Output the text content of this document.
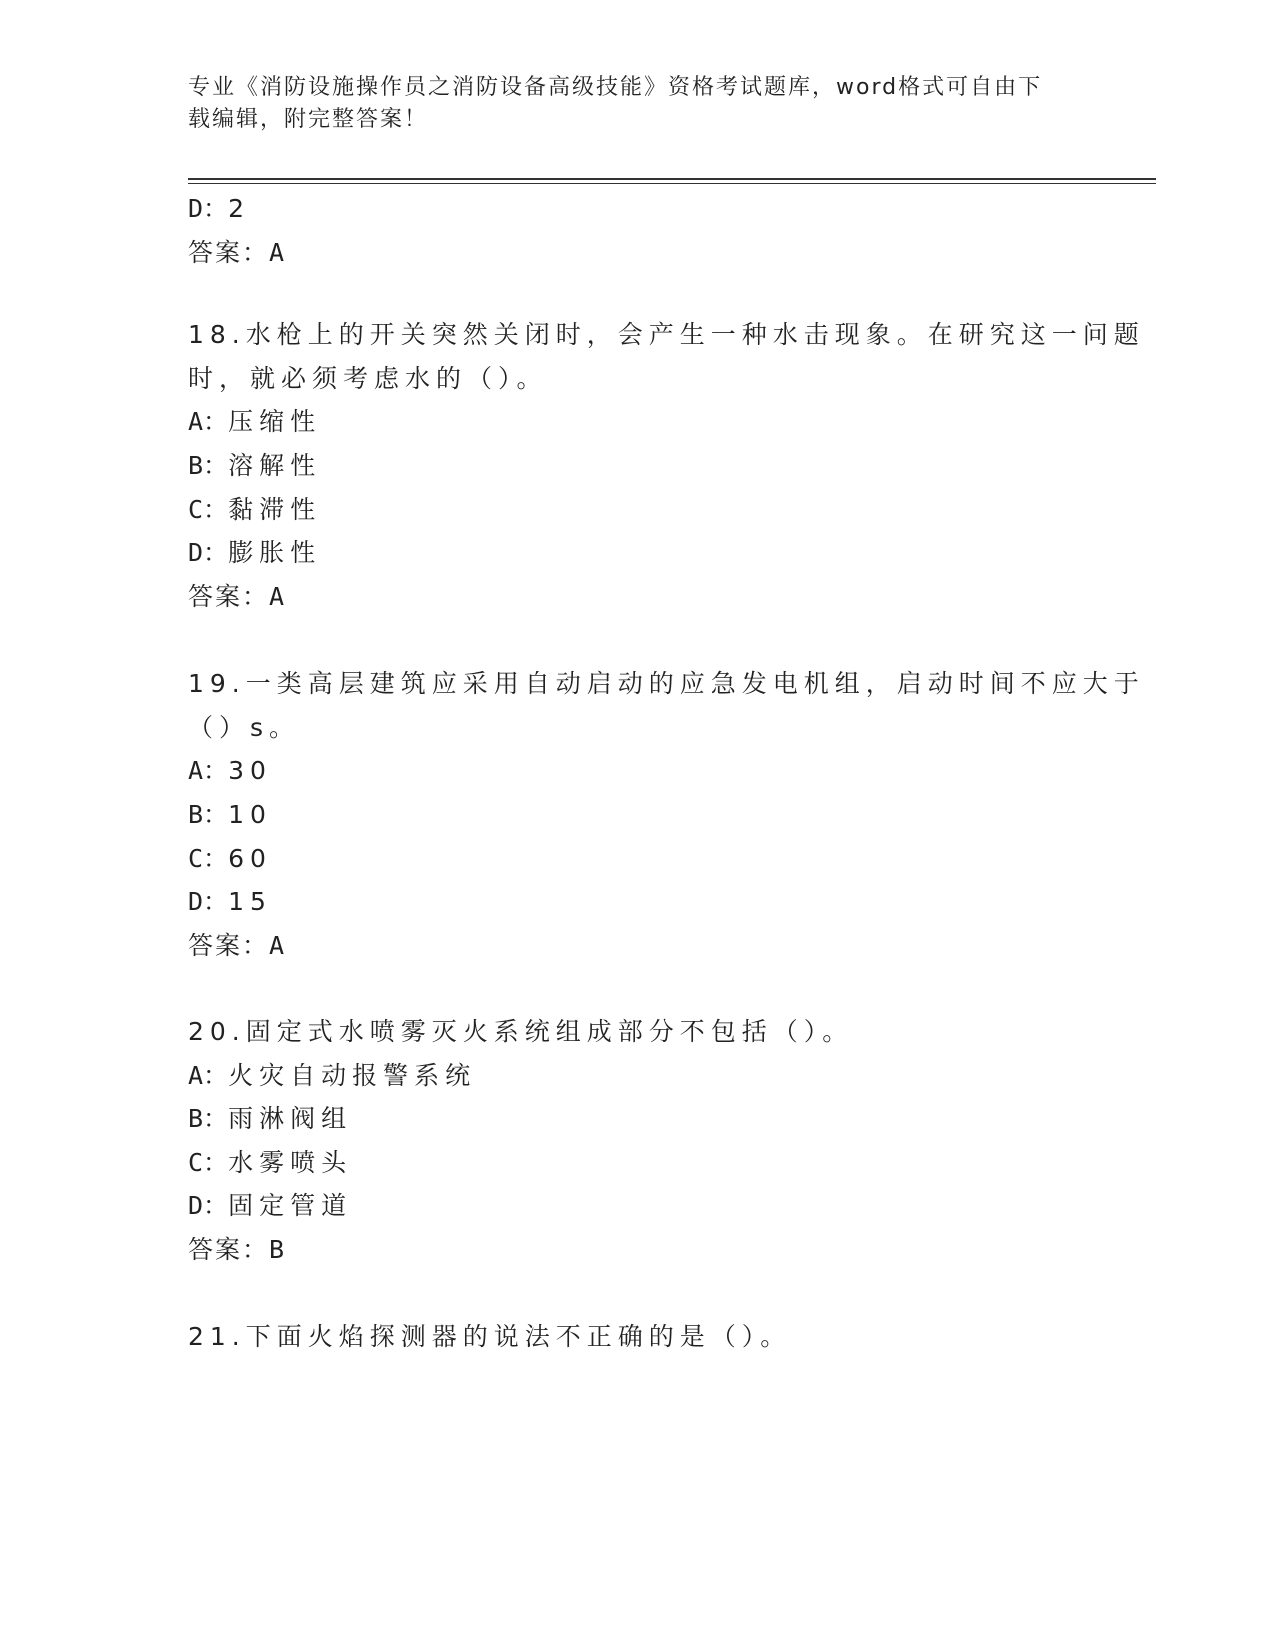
专业《消防设施操作员之消防设备高级技能》资格考试题库，word格式可自由下
载编辑，附完整答案！
D：2
答案：A
18.水枪上的开关突然关闭时，会产生一种水击现象。在研究这一问题
时，就必须考虑水的（）。
A：压缩性
B：溶解性
C：黏滞性
D：膨胀性
答案：A
19.一类高层建筑应采用自动启动的应急发电机组，启动时间不应大于
（）s。
A：30
B：10
C：60
D：15
答案：A
20.固定式水喷雾灭火系统组成部分不包括（）。
A：火灾自动报警系统
B：雨淋阀组
C：水雾喷头
D：固定管道
答案：B
21.下面火焰探测器的说法不正确的是（）。
